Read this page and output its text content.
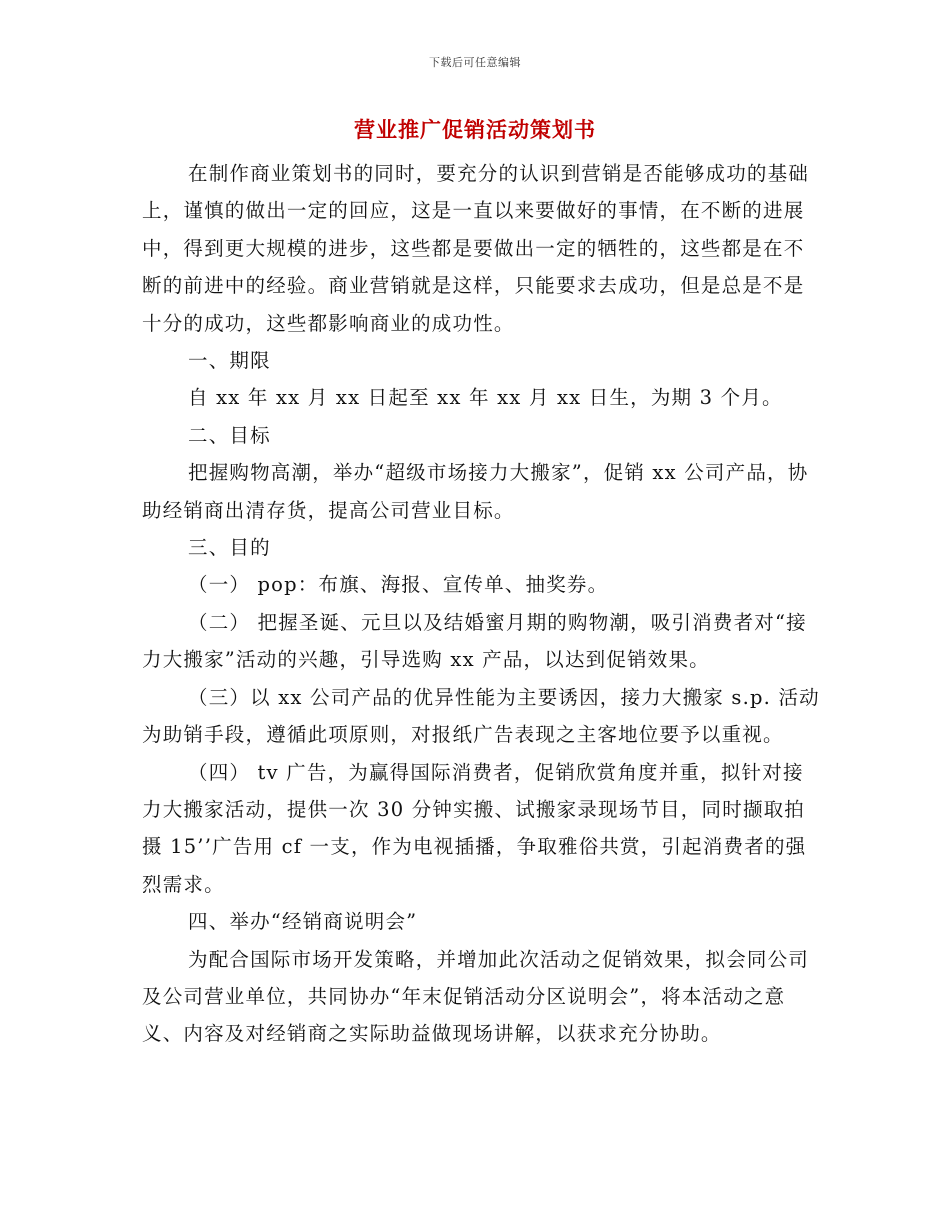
下载后可任意编辑
营业推广促销活动策划书

在制作商业策划书的同时，要充分的认识到营销是否能够成功的基础上，谨慎的做出一定的回应，这是一直以来要做好的事情，在不断的进展中，得到更大规模的进步，这些都是要做出一定的牺牲的，这些都是在不断的前进中的经验。商业营销就是这样，只能要求去成功，但是总是不是十分的成功，这些都影响商业的成功性。

一、期限

自 xx 年 xx 月 xx 日起至 xx 年 xx 月 xx 日生，为期 3 个月。

二、目标

把握购物高潮，举办“超级市场接力大搬家”，促销 xx 公司产品，协助经销商出清存货，提高公司营业目标。

三、目的

（一） pop：布旗、海报、宣传单、抽奖券。

（二） 把握圣诞、元旦以及结婚蜜月期的购物潮，吸引消费者对“接力大搬家”活动的兴趣，引导选购 xx 产品，以达到促销效果。

（三）以 xx 公司产品的优异性能为主要诱因，接力大搬家 s.p. 活动为助销手段，遵循此项原则，对报纸广告表现之主客地位要予以重视。

（四） tv 广告，为赢得国际消费者，促销欣赏角度并重，拟针对接力大搬家活动，提供一次 30 分钟实搬、试搬家录现场节目，同时撷取拍摄 15’’广告用 cf 一支，作为电视插播，争取雅俗共赏，引起消费者的强烈需求。

四、举办“经销商说明会”

为配合国际市场开发策略，并增加此次活动之促销效果，拟会同公司及公司营业单位，共同协办“年末促销活动分区说明会”，将本活动之意义、内容及对经销商之实际助益做现场讲解，以获求充分协助。
